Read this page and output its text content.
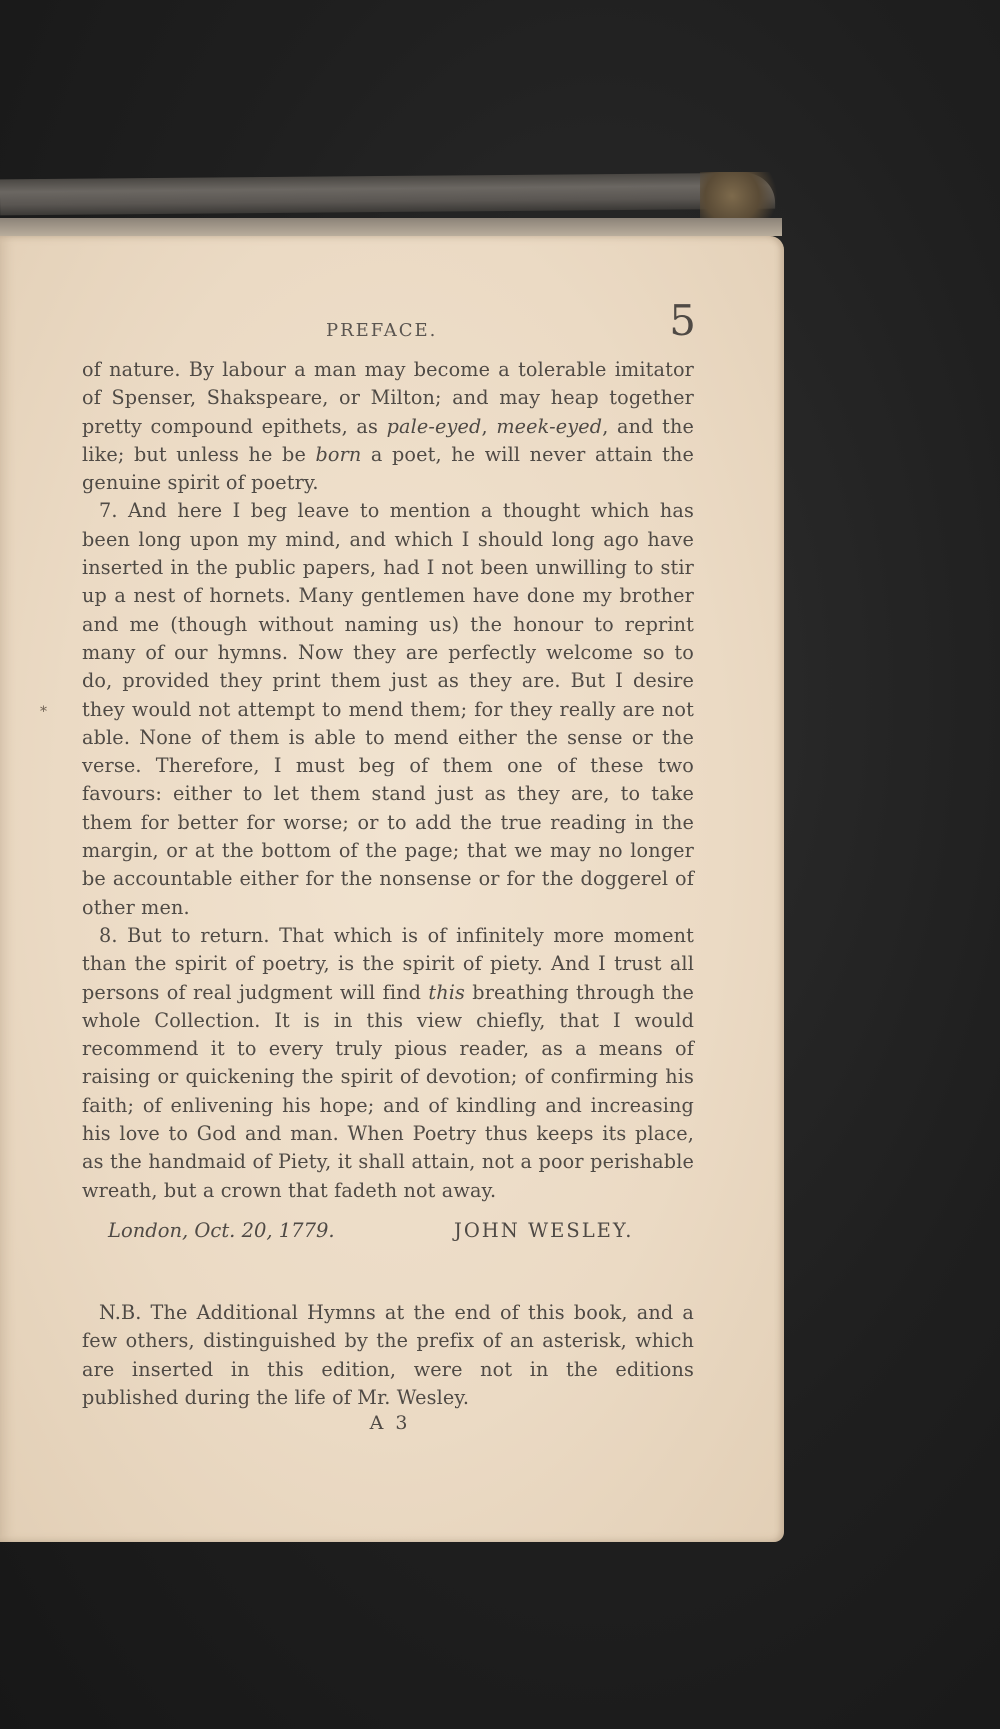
*
PREFACE.	5

of nature. By labour a man may become a tolerable imitator of Spenser, Shakspeare, or Milton; and may heap together pretty compound epithets, as pale-eyed, meek-eyed, and the like; but unless he be born a poet, he will never attain the genuine spirit of poetry.

7. And here I beg leave to mention a thought which has been long upon my mind, and which I should long ago have inserted in the public papers, had I not been unwilling to stir up a nest of hornets. Many gentlemen have done my brother and me (though without naming us) the honour to reprint many of our hymns. Now they are perfectly welcome so to do, provided they print them just as they are. But I desire they would not attempt to mend them; for they really are not able. None of them is able to mend either the sense or the verse. Therefore, I must beg of them one of these two favours: either to let them stand just as they are, to take them for better for worse; or to add the true reading in the margin, or at the bottom of the page; that we may no longer be accountable either for the nonsense or for the doggerel of other men.

8. But to return. That which is of infinitely more moment than the spirit of poetry, is the spirit of piety. And I trust all persons of real judgment will find this breathing through the whole Collection. It is in this view chiefly, that I would recommend it to every truly pious reader, as a means of raising or quickening the spirit of devotion; of confirming his faith; of enlivening his hope; and of kindling and increasing his love to God and man. When Poetry thus keeps its place, as the handmaid of Piety, it shall attain, not a poor perishable wreath, but a crown that fadeth not away.

London, Oct. 20, 1779.	JOHN WESLEY.

N.B. The Additional Hymns at the end of this book, and a few others, distinguished by the prefix of an asterisk, which are inserted in this edition, were not in the editions published during the life of Mr. Wesley.

A 3
